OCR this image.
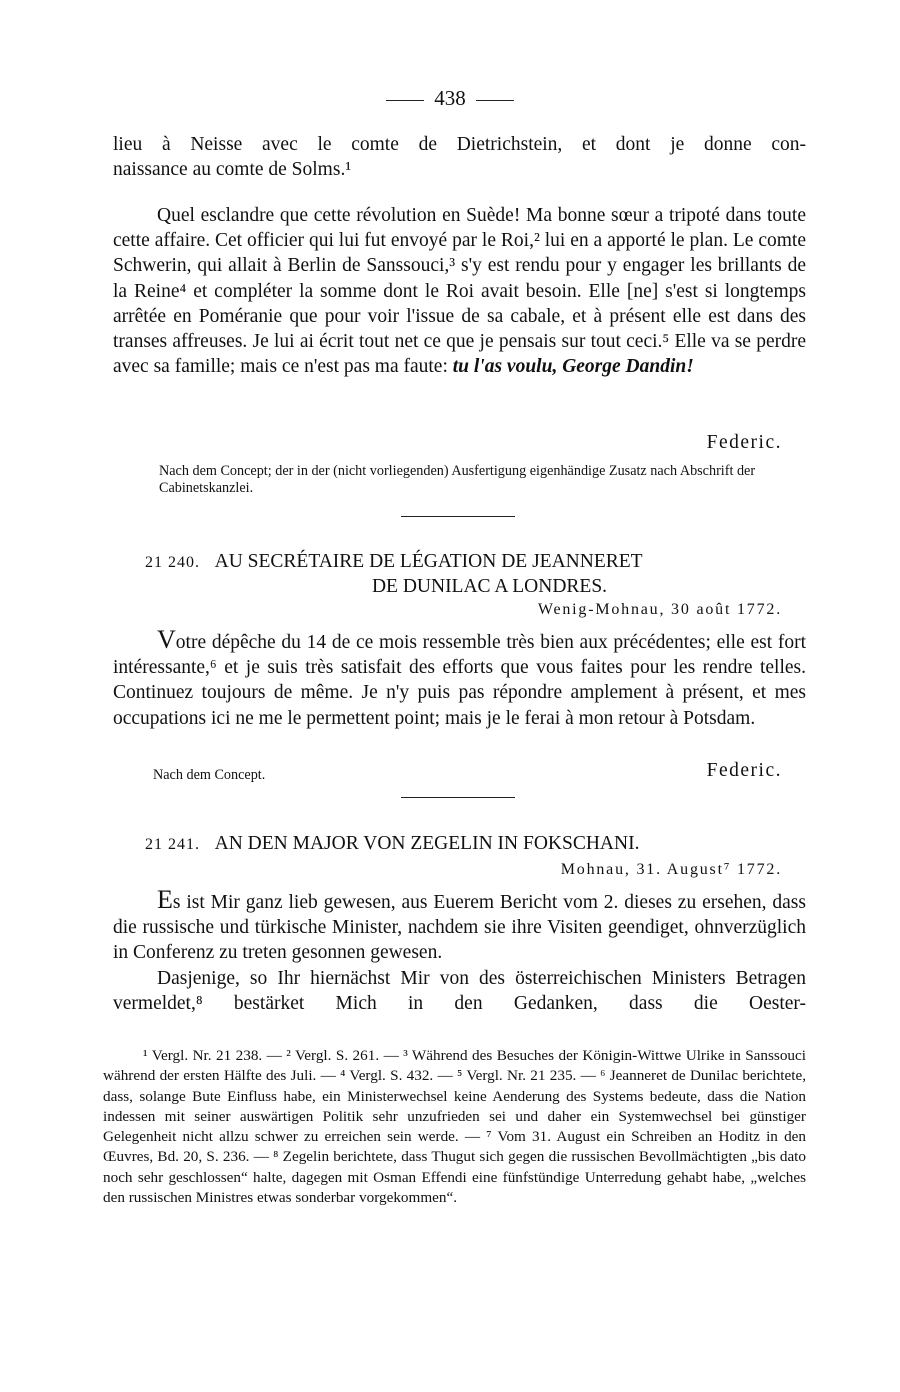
438

lieu à Neisse avec le comte de Dietrichstein, et dont je donne con-

naissance au comte de Solms.¹

Quel esclandre que cette révolution en Suède! Ma bonne sœur a tripoté dans toute cette affaire. Cet officier qui lui fut envoyé par le Roi,² lui en a apporté le plan. Le comte Schwerin, qui allait à Berlin de Sanssouci,³ s'y est rendu pour y engager les brillants de la Reine⁴ et compléter la somme dont le Roi avait besoin. Elle [ne] s'est si longtemps arrêtée en Poméranie que pour voir l'issue de sa cabale, et à présent elle est dans des transes affreuses. Je lui ai écrit tout net ce que je pensais sur tout ceci.⁵ Elle va se perdre avec sa famille; mais ce n'est pas ma faute: tu l'as voulu, George Dandin!

Federic.
Nach dem Concept; der in der (nicht vorliegenden) Ausfertigung eigenhändige Zusatz nach Abschrift der Cabinetskanzlei.
21 240. AU SECRÉTAIRE DE LÉGATION DE JEANNERET
DE DUNILAC A LONDRES.
Wenig-Mohnau, 30 août 1772.

Votre dépêche du 14 de ce mois ressemble très bien aux précédentes; elle est fort intéressante,⁶ et je suis très satisfait des efforts que vous faites pour les rendre telles. Continuez toujours de même. Je n'y puis pas répondre amplement à présent, et mes occupations ici ne me le permettent point; mais je le ferai à mon retour à Potsdam.

Nach dem Concept.	Federic.
21 241. AN DEN MAJOR VON ZEGELIN IN FOKSCHANI.
Mohnau, 31. August⁷ 1772.

Es ist Mir ganz lieb gewesen, aus Euerem Bericht vom 2. dieses zu ersehen, dass die russische und türkische Minister, nachdem sie ihre Visiten geendiget, ohnverzüglich in Conferenz zu treten gesonnen gewesen.

Dasjenige, so Ihr hiernächst Mir von des österreichischen Ministers Betragen vermeldet,⁸ bestärket Mich in den Gedanken, dass die Oester-

¹ Vergl. Nr. 21 238. — ² Vergl. S. 261. — ³ Während des Besuches der Königin-Wittwe Ulrike in Sanssouci während der ersten Hälfte des Juli. — ⁴ Vergl. S. 432. — ⁵ Vergl. Nr. 21 235. — ⁶ Jeanneret de Dunilac berichtete, dass, solange Bute Einfluss habe, ein Ministerwechsel keine Aenderung des Systems bedeute, dass die Nation indessen mit seiner auswärtigen Politik sehr unzufrieden sei und daher ein Systemwechsel bei günstiger Gelegenheit nicht allzu schwer zu erreichen sein werde. — ⁷ Vom 31. August ein Schreiben an Hoditz in den Œuvres, Bd. 20, S. 236. — ⁸ Zegelin berichtete, dass Thugut sich gegen die russischen Bevollmächtigten „bis dato noch sehr geschlossen“ halte, dagegen mit Osman Effendi eine fünfstündige Unterredung gehabt habe, „welches den russischen Ministres etwas sonderbar vorgekommen“.
